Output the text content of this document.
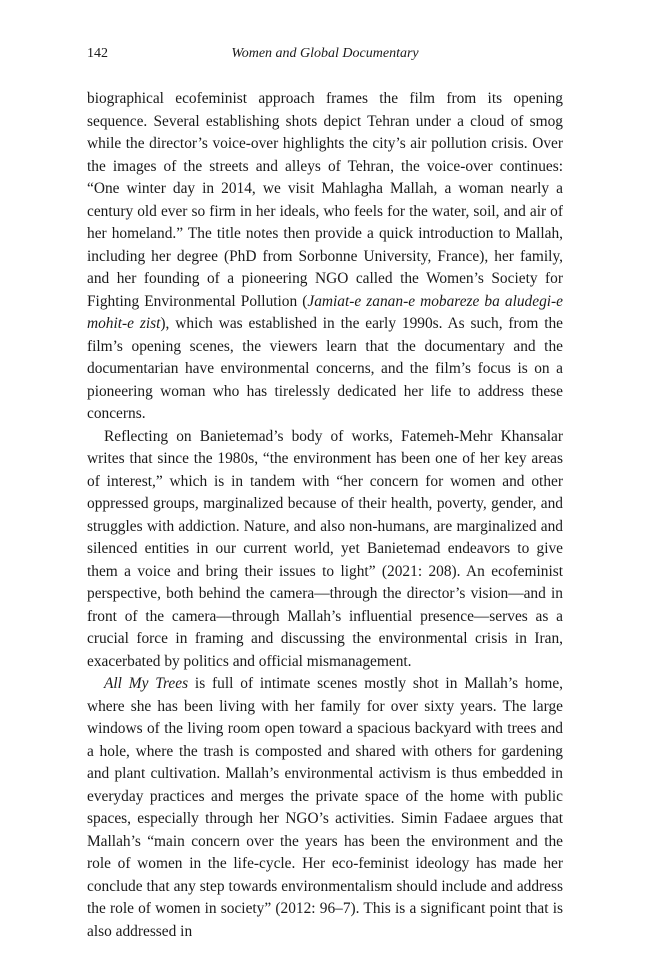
142	Women and Global Documentary

biographical ecofeminist approach frames the film from its opening sequence. Several establishing shots depict Tehran under a cloud of smog while the director’s voice-over highlights the city’s air pollution crisis. Over the images of the streets and alleys of Tehran, the voice-over continues: “One winter day in 2014, we visit Mahlagha Mallah, a woman nearly a century old ever so firm in her ideals, who feels for the water, soil, and air of her homeland.” The title notes then provide a quick introduction to Mallah, including her degree (PhD from Sorbonne University, France), her family, and her founding of a pioneering NGO called the Women’s Society for Fighting Environmental Pollution (Jamiat-e zanan-e mobareze ba aludegi-e mohit-e zist), which was established in the early 1990s. As such, from the film’s opening scenes, the viewers learn that the documentary and the documentarian have environmental concerns, and the film’s focus is on a pioneering woman who has tirelessly dedicated her life to address these concerns.

Reflecting on Banietemad’s body of works, Fatemeh-Mehr Khansalar writes that since the 1980s, “the environment has been one of her key areas of interest,” which is in tandem with “her concern for women and other oppressed groups, marginalized because of their health, poverty, gender, and struggles with addiction. Nature, and also non-humans, are marginalized and silenced entities in our current world, yet Banietemad endeavors to give them a voice and bring their issues to light” (2021: 208). An ecofeminist perspective, both behind the camera—through the director’s vision—and in front of the camera—through Mallah’s influential presence—serves as a crucial force in framing and discussing the environmental crisis in Iran, exacerbated by politics and official mismanagement.

All My Trees is full of intimate scenes mostly shot in Mallah’s home, where she has been living with her family for over sixty years. The large windows of the living room open toward a spacious backyard with trees and a hole, where the trash is composted and shared with others for gardening and plant cultivation. Mallah’s environmental activism is thus embedded in everyday practices and merges the private space of the home with public spaces, especially through her NGO’s activities. Simin Fadaee argues that Mallah’s “main concern over the years has been the environment and the role of women in the life-cycle. Her eco-feminist ideology has made her conclude that any step towards environmentalism should include and address the role of women in society” (2012: 96–7). This is a significant point that is also addressed in
